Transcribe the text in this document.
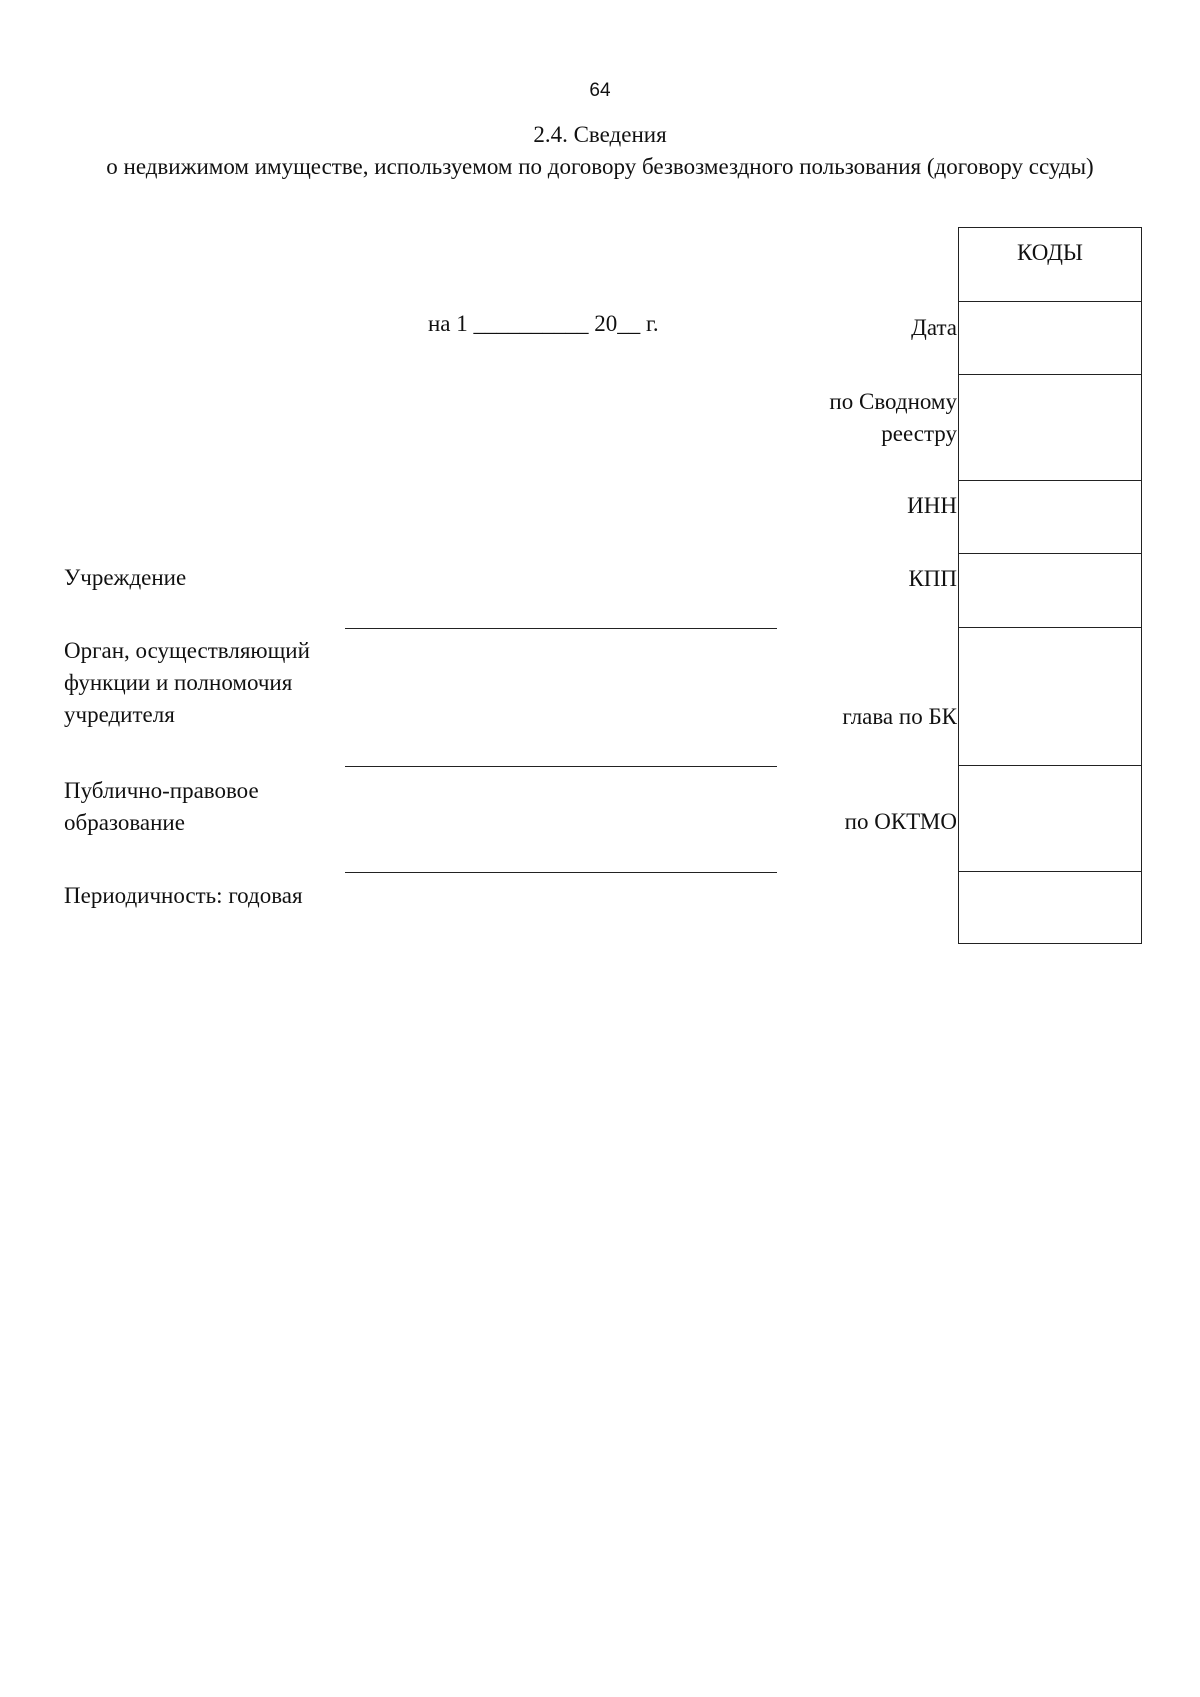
64
2.4. Сведения
о недвижимом имуществе, используемом по договору безвозмездного пользования (договору ссуды)
на 1 __________ 20__ г.
Учреждение
Орган, осуществляющий
функции и полномочия
учредителя
Публично-правовое
образование
Периодичность: годовая
Дата
по Сводному
реестру
ИНН
КПП
глава по БК
по ОКТМО
КОДЫ
